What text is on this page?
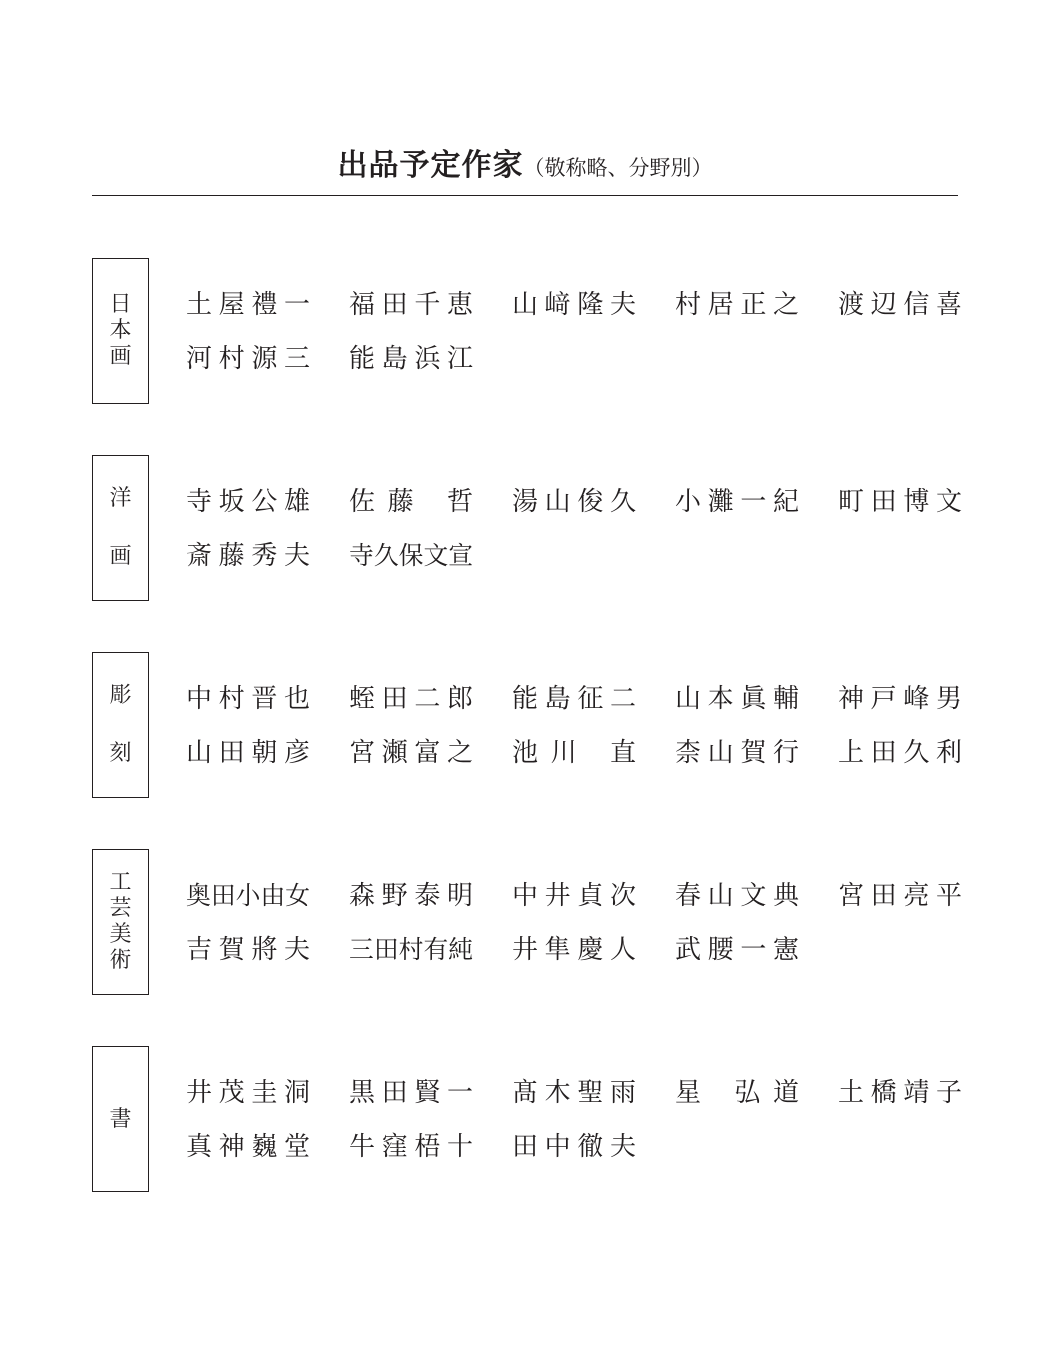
出品予定作家（敬称略、分野別）
日
本
画
土 屋 禮 一 福 田 千 恵 山 﨑 隆 夫 村 居 正 之 渡 辺 信 喜
河 村 源 三 能 島 浜 江
洋
画
寺 坂 公 雄 佐 藤
哲 湯 山 俊 久 小 灘 一 紀 町 田 博 文
斎 藤 秀 夫 寺 久 保 文 宣
彫
刻
中 村 晋 也 蛭 田 二 郎 能 島 征 二 山 本 眞 輔 神 戸 峰 男
山 田 朝 彦 宮 瀬 富 之 池 川
直 柰 山 賀 行 上 田 久 利
工
芸
美
術
奥 田 小 由 女 森 野 泰 明 中 井 貞 次 春 山 文 典 宮 田 亮 平
吉 賀 將 夫 三 田 村 有 純 井 隼 慶 人 武 腰 一 憲
書
井 茂 圭 洞 黒 田 賢 一 髙 木 聖 雨 星
弘 道 土 橋 靖 子
真 神 巍 堂 牛 窪 梧 十 田 中 徹 夫
